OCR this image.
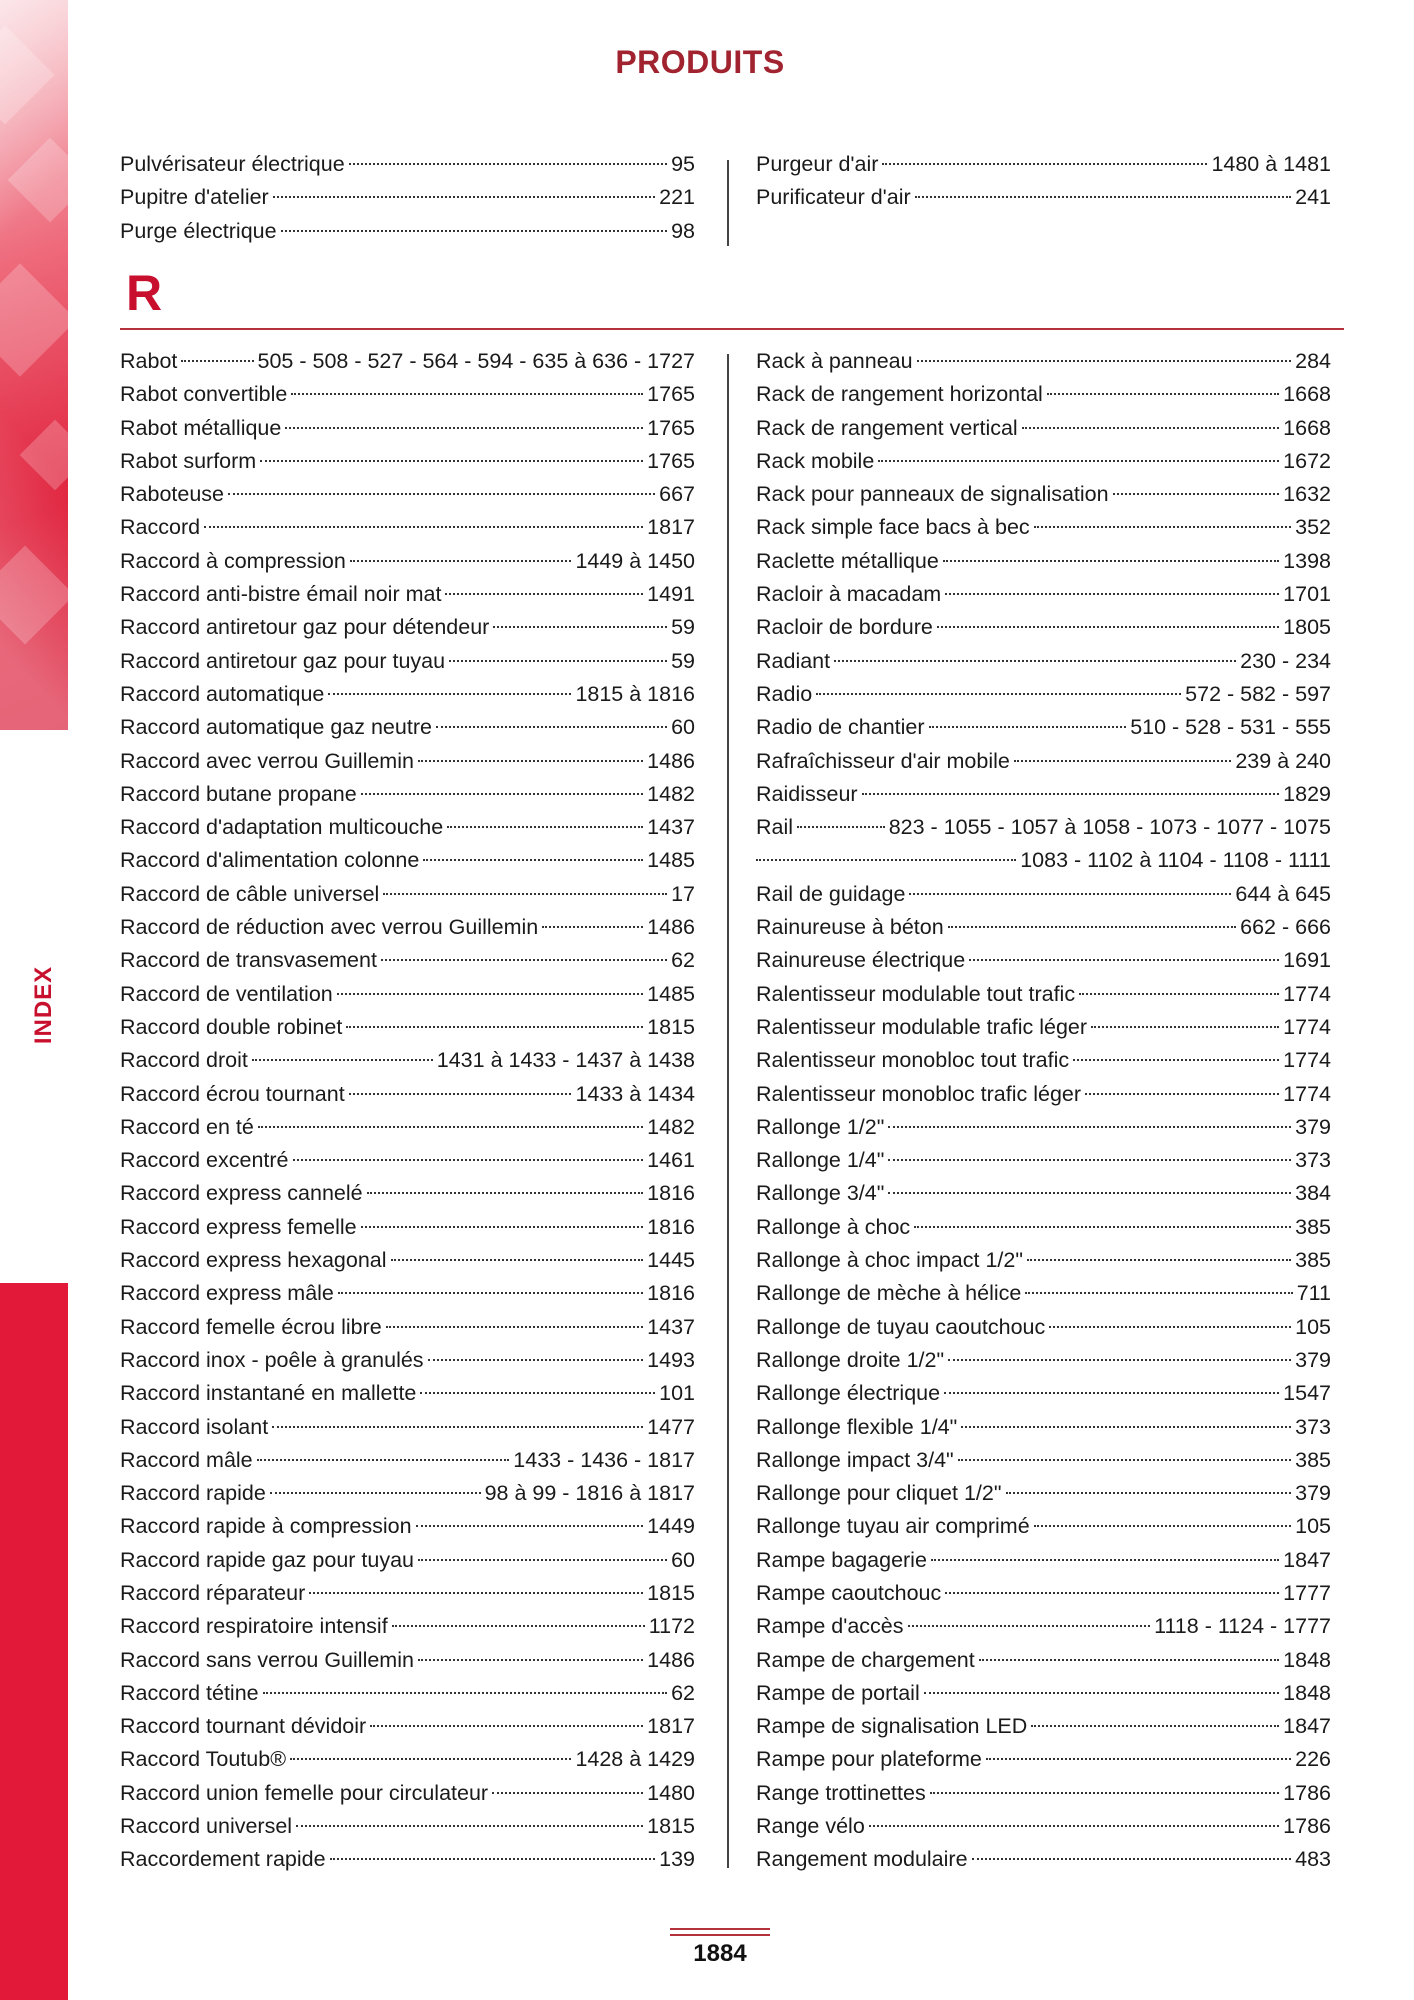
INDEX
PRODUITS
Pulvérisateur électrique	95
Pupitre d'atelier	221
Purge électrique	98
Purgeur d'air	1480 à 1481
Purificateur d'air	241
R
Rabot	505 - 508 - 527 - 564 - 594 - 635 à 636 - 1727
Rabot convertible	1765
Rabot métallique	1765
Rabot surform	1765
Raboteuse	667
Raccord	1817
Raccord à compression	1449 à 1450
Raccord anti-bistre émail noir mat	1491
Raccord antiretour gaz pour détendeur	59
Raccord antiretour gaz pour tuyau	59
Raccord automatique	1815 à 1816
Raccord automatique gaz neutre	60
Raccord avec verrou Guillemin	1486
Raccord butane propane	1482
Raccord d'adaptation multicouche	1437
Raccord d'alimentation colonne	1485
Raccord de câble universel	17
Raccord de réduction avec verrou Guillemin	1486
Raccord de transvasement	62
Raccord de ventilation	1485
Raccord double robinet	1815
Raccord droit	1431 à 1433 - 1437 à 1438
Raccord écrou tournant	1433 à 1434
Raccord en té	1482
Raccord excentré	1461
Raccord express cannelé	1816
Raccord express femelle	1816
Raccord express hexagonal	1445
Raccord express mâle	1816
Raccord femelle écrou libre	1437
Raccord inox - poêle à granulés	1493
Raccord instantané en mallette	101
Raccord isolant	1477
Raccord mâle	1433 - 1436 - 1817
Raccord rapide	98 à 99 - 1816 à 1817
Raccord rapide à compression	1449
Raccord rapide gaz pour tuyau	60
Raccord réparateur	1815
Raccord respiratoire intensif	1172
Raccord sans verrou Guillemin	1486
Raccord tétine	62
Raccord tournant dévidoir	1817
Raccord Toutub®	1428 à 1429
Raccord union femelle pour circulateur	1480
Raccord universel	1815
Raccordement rapide	139
Rack à panneau	284
Rack de rangement horizontal	1668
Rack de rangement vertical	1668
Rack mobile	1672
Rack pour panneaux de signalisation	1632
Rack simple face bacs à bec	352
Raclette métallique	1398
Racloir à macadam	1701
Racloir de bordure	1805
Radiant	230 - 234
Radio	572 - 582 - 597
Radio de chantier	510 - 528 - 531 - 555
Rafraîchisseur d'air mobile	239 à 240
Raidisseur	1829
Rail	823 - 1055 - 1057 à 1058 - 1073 - 1077 - 1075
1083 - 1102 à 1104 - 1108 - 1111
Rail de guidage	644 à 645
Rainureuse à béton	662 - 666
Rainureuse électrique	1691
Ralentisseur modulable tout trafic	1774
Ralentisseur modulable trafic léger	1774
Ralentisseur monobloc tout trafic	1774
Ralentisseur monobloc trafic léger	1774
Rallonge 1/2"	379
Rallonge 1/4"	373
Rallonge 3/4"	384
Rallonge à choc	385
Rallonge à choc impact 1/2"	385
Rallonge de mèche à hélice	711
Rallonge de tuyau caoutchouc	105
Rallonge droite 1/2"	379
Rallonge électrique	1547
Rallonge flexible 1/4"	373
Rallonge impact 3/4"	385
Rallonge pour cliquet 1/2"	379
Rallonge tuyau air comprimé	105
Rampe bagagerie	1847
Rampe caoutchouc	1777
Rampe d'accès	1118 - 1124 - 1777
Rampe de chargement	1848
Rampe de portail	1848
Rampe de signalisation LED	1847
Rampe pour plateforme	226
Range trottinettes	1786
Range vélo	1786
Rangement modulaire	483
1884
